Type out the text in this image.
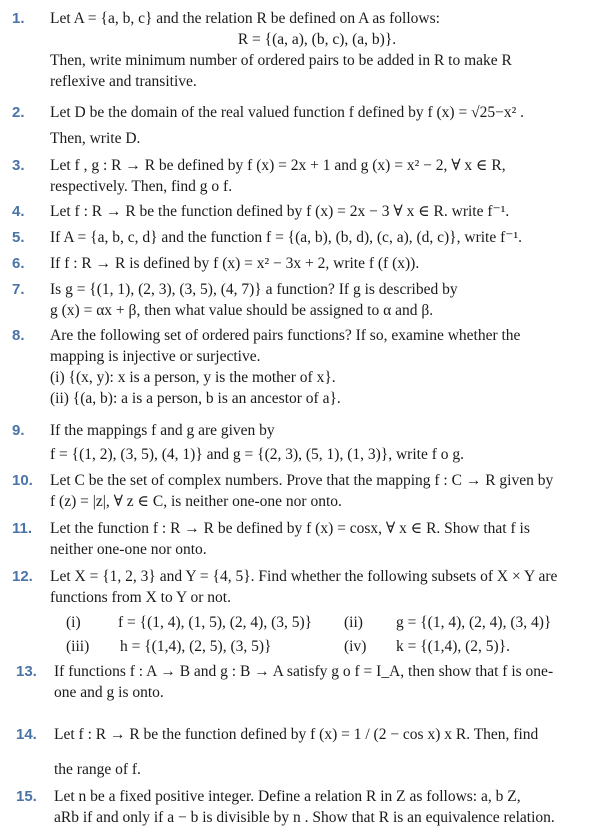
1. Let A = {a, b, c} and the relation R be defined on A as follows:
R = {(a, a), (b, c), (a, b)}.
Then, write minimum number of ordered pairs to be added in R to make R
reflexive and transitive.
2. Let D be the domain of the real valued function f defined by f (x) = √25−x² .
Then, write D.
3. Let f , g : R → R be defined by f (x) = 2x + 1 and g (x) = x² − 2, ∀ x ∈ R,
respectively. Then, find g o f.
4. Let f : R → R be the function defined by f (x) = 2x − 3 ∀ x ∈ R. write f⁻¹.
5. If A = {a, b, c, d} and the function f = {(a, b), (b, d), (c, a), (d, c)}, write f⁻¹.
6. If f : R → R is defined by f (x) = x² − 3x + 2, write f (f (x)).
7. Is g = {(1, 1), (2, 3), (3, 5), (4, 7)} a function? If g is described by
g (x) = αx + β, then what value should be assigned to α and β.
8. Are the following set of ordered pairs functions? If so, examine whether the
mapping is injective or surjective.
(i) {(x, y): x is a person, y is the mother of x}.
(ii) {(a, b): a is a person, b is an ancestor of a}.
9. If the mappings f and g are given by
f = {(1, 2), (3, 5), (4, 1)} and g = {(2, 3), (5, 1), (1, 3)}, write f o g.
10. Let C be the set of complex numbers. Prove that the mapping f : C → R given by
f (z) = |z|, ∀ z ∈ C, is neither one-one nor onto.
11. Let the function f : R → R be defined by f (x) = cosx, ∀ x ∈ R. Show that f is
neither one-one nor onto.
12. Let X = {1, 2, 3} and Y = {4, 5}. Find whether the following subsets of X × Y are
functions from X to Y or not.
(i) f = {(1, 4), (1, 5), (2, 4), (3, 5)} (ii) g = {(1, 4), (2, 4), (3, 4)}
(iii) h = {(1,4), (2, 5), (3, 5)}	(iv) k = {(1,4), (2, 5)}.
13. If functions f : A → B and g : B → A satisfy g o f = I_A, then show that f is one-
one and g is onto.
14. Let f : R → R be the function defined by f (x) = 1 / (2 − cos x) x R. Then, find
the range of f.
15. Let n be a fixed positive integer. Define a relation R in Z as follows: a, b Z,
aRb if and only if a − b is divisible by n . Show that R is an equivalence relation.
